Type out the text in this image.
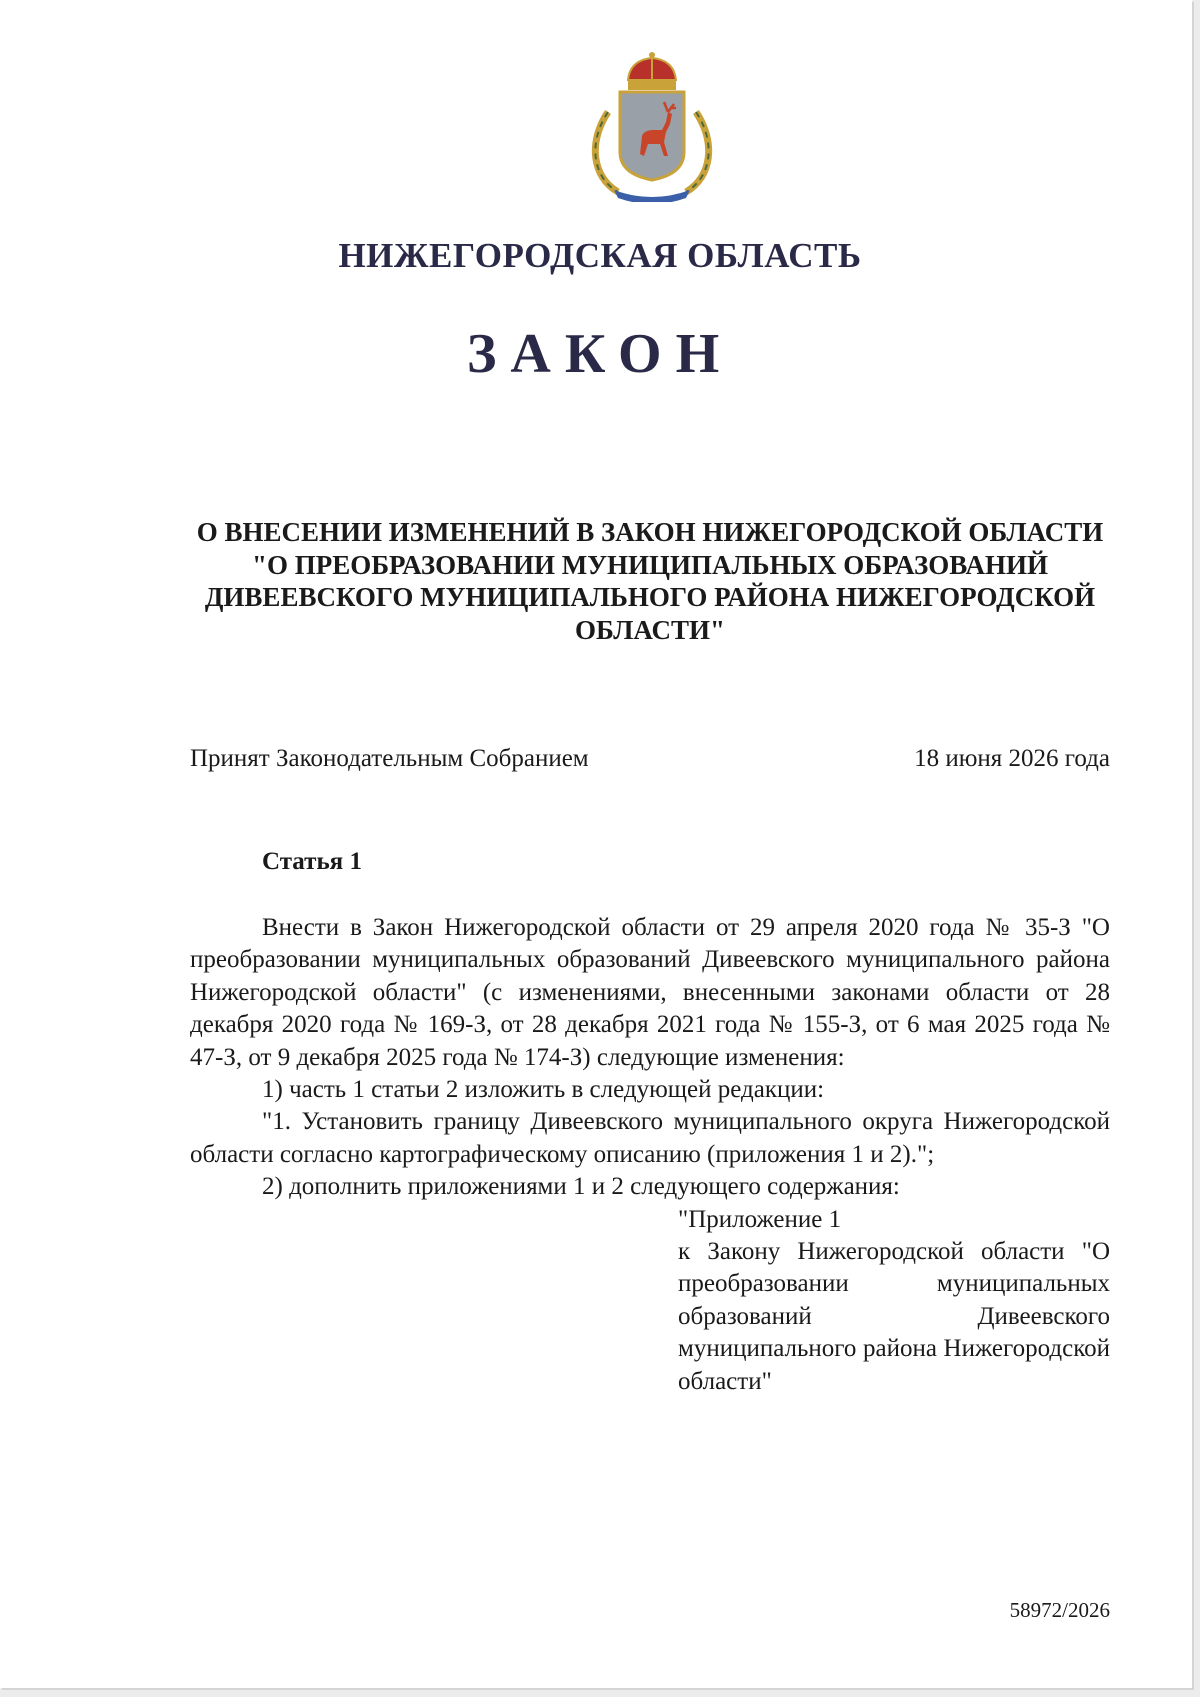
НИЖЕГОРОДСКАЯ ОБЛАСТЬ
ЗАКОН
О ВНЕСЕНИИ ИЗМЕНЕНИЙ В ЗАКОН НИЖЕГОРОДСКОЙ ОБЛАСТИ "О ПРЕОБРАЗОВАНИИ МУНИЦИПАЛЬНЫХ ОБРАЗОВАНИЙ ДИВЕЕВСКОГО МУНИЦИПАЛЬНОГО РАЙОНА НИЖЕГОРОДСКОЙ ОБЛАСТИ"
Принят Законодательным Собранием	18 июня 2026 года
Статья 1

Внести в Закон Нижегородской области от 29 апреля 2020 года № 35-З "О преобразовании муниципальных образований Дивеевского муниципального района Нижегородской области" (с изменениями, внесенными законами области от 28 декабря 2020 года № 169-З, от 28 декабря 2021 года № 155-З, от 6 мая 2025 года № 47-З, от 9 декабря 2025 года № 174-З) следующие изменения:

1) часть 1 статьи 2 изложить в следующей редакции:

"1. Установить границу Дивеевского муниципального округа Нижегородской области согласно картографическому описанию (приложения 1 и 2).";

2) дополнить приложениями 1 и 2 следующего содержания:

"Приложение 1
к Закону Нижегородской области "О преобразовании муниципальных образований Дивеевского муниципального района Нижегородской области"
58972/2026
